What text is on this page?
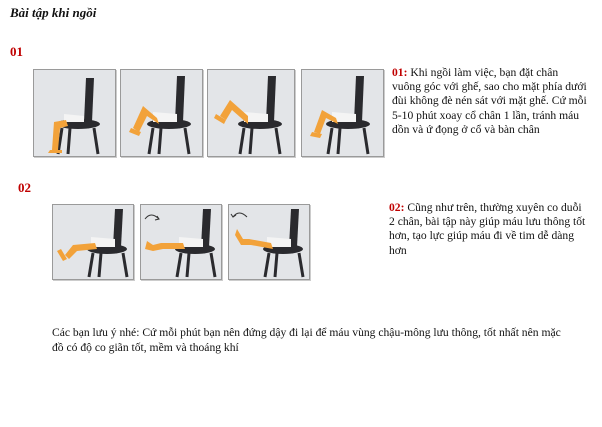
Bài tập khi ngồi
01
01: Khi ngồi làm việc, bạn đặt chân vuông góc với ghế, sao cho mặt phía dưới đùi không đè nén sát với mặt ghế. Cứ mỗi 5-10 phút xoay cổ chân 1 lần, tránh máu dồn và ứ đọng ở cổ và bàn chân
02
02: Cũng như trên, thường xuyên co duỗi 2 chân, bài tập này giúp máu lưu thông tốt hơn, tạo lực giúp máu đi về tim dễ dàng hơn
Các bạn lưu ý nhé: Cứ mỗi phút bạn nên đứng dậy đi lại để máu vùng chậu-mông lưu thông, tốt nhất nên mặc đồ có độ co giãn tốt, mềm và thoáng khí
